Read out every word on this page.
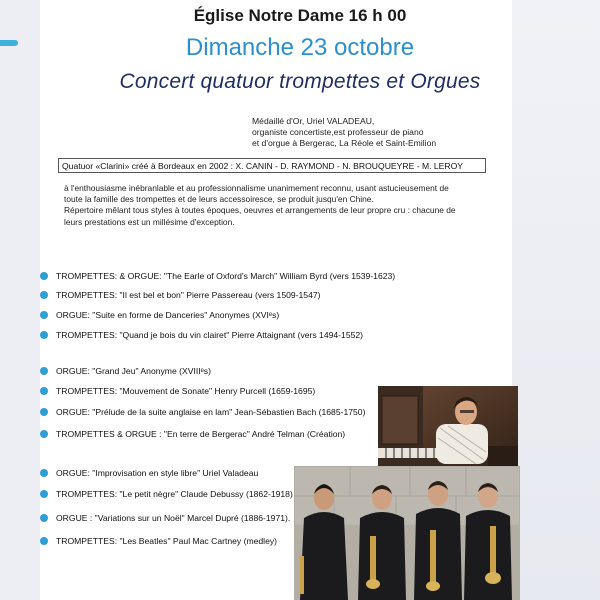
Église Notre Dame 16 h 00
Dimanche 23 octobre
Concert quatuor trompettes et Orgues
Médaillé d'Or, Uriel VALADEAU,
organiste concertiste,est professeur de piano
et d'orgue à Bergerac, La Réole et Saint-Emilion
Quatuor «Clarini» créé à Bordeaux en 2002 : X. CANIN - D. RAYMOND - N. BROUQUEYRE - M. LEROY
à l'enthousiasme inébranlable et au professionnalisme unanimement reconnu, usant astucieusement de
toute la famille des trompettes et de leurs accessoiresce, se produit jusqu'en Chine.
Répertoire mêlant tous styles à toutes époques, oeuvres et arrangements de leur propre cru : chacune de
leurs prestations est un millésime d'exception.
TROMPETTES: & ORGUE: "The Earle of Oxford's March" William Byrd (vers 1539-1623)
TROMPETTES: "Il est bel et bon" Pierre Passereau (vers 1509-1547)
ORGUE: "Suite en forme de Danceries" Anonymes (XVIᵉs)
TROMPETTES: "Quand je bois du vin clairet" Pierre Attaignant (vers 1494-1552)
ORGUE: "Grand Jeu" Anonyme (XVIIIᵉs)
TROMPETTES: "Mouvement de Sonate" Henry Purcell (1659-1695)
ORGUE: "Prélude de la suite anglaise en lam" Jean-Sébastien Bach (1685-1750)
TROMPETTES & ORGUE : "En terre de Bergerac" André Telman (Création)
ORGUE: "Improvisation en style libre" Uriel Valadeau
TROMPETTES: "Le petit nègre" Claude Debussy (1862-1918)
ORGUE : "Variations sur un Noël" Marcel Dupré (1886-1971).
TROMPETTES: "Les Beatles" Paul Mac Cartney (medley)
